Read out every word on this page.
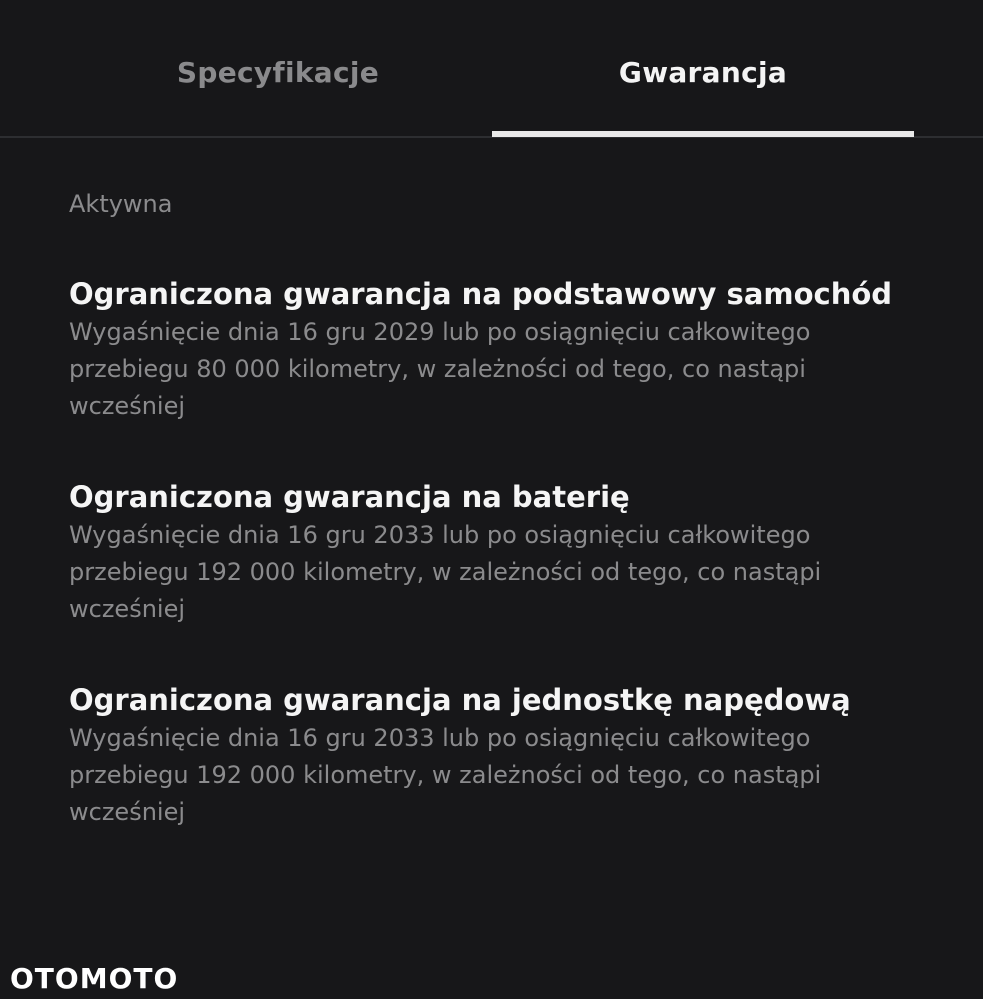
Specyfikacje	Gwarancja
Aktywna

Ograniczona gwarancja na podstawowy samochód

Wygaśnięcie dnia 16 gru 2029 lub po osiągnięciu całkowitego przebiegu 80 000 kilometry, w zależności od tego, co nastąpi wcześniej

Ograniczona gwarancja na baterię

Wygaśnięcie dnia 16 gru 2033 lub po osiągnięciu całkowitego przebiegu 192 000 kilometry, w zależności od tego, co nastąpi wcześniej

Ograniczona gwarancja na jednostkę napędową

Wygaśnięcie dnia 16 gru 2033 lub po osiągnięciu całkowitego przebiegu 192 000 kilometry, w zależności od tego, co nastąpi wcześniej

OTOMOTO
